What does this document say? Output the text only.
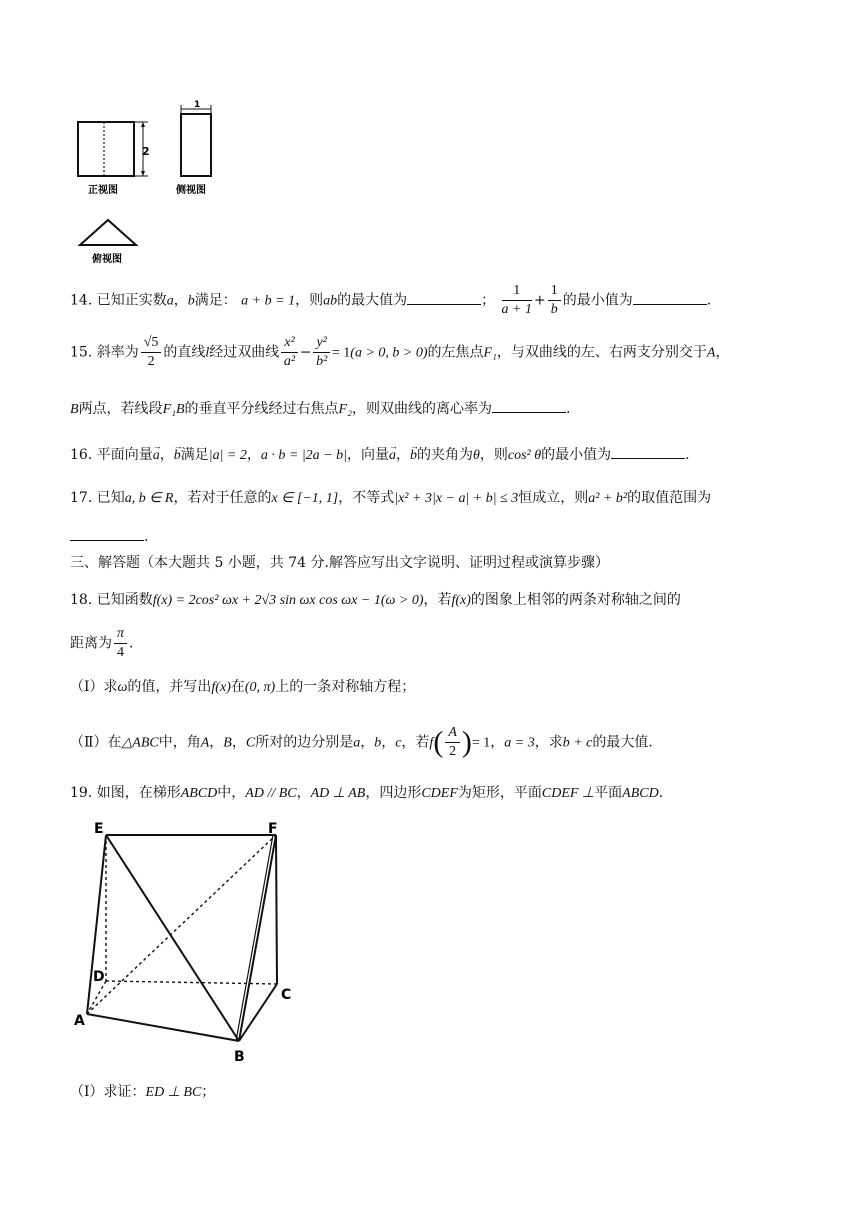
2
正视图
1
侧视图
俯视图
14. 已知正实数a，b满足： a + b = 1，则ab的最大值为	； $\frac{1}{a + 1} + \frac{1}{b}$ 的最小值为	.
15. 斜率为 $\frac{√5}{2}$ 的直线l经过双曲线 $\frac{\text{x²}}{\text{a²}} - \frac{\text{y²}}{\text{b²}} = 1(a > 0$, b > 0)的左焦点F₁，与双曲线的左、右两支分别交于A，
B两点，若线段F₁B的垂直平分线经过右焦点F₂，则双曲线的离心率为	.
16. 平面向量→ a，→ b满足|a| = 2，a · b = |2a − b|，向量→ a，→ b的夹角为θ，则cos² θ的最小值为	.
17. 已知a, b ∈ R，若对于任意的x ∈ [−1, 1]，不等式|x² + 3|x − a| + b| ≤ 3恒成立，则a² + b²的取值范围为
.
三、解答题（本大题共 5 小题，共 74 分.解答应写出文字说明、证明过程或演算步骤）
18. 已知函数f(x) = 2cos² ωx + 2√3 sin ωx cos ωx − 1(ω > 0)，若f(x)的图象上相邻的两条对称轴之间的
距离为 $\frac{\pi}{4}$ .
（Ⅰ）求ω的值，并写出f(x)在(0, π)上的一条对称轴方程；
（Ⅱ）在△ABC中，角A，B，C所对的边分别是a，b，c，若$f( \frac{A}{2}$ )= 1，a = 3，求b + c的最大值.
19. 如图，在梯形ABCD中，AD // BC，AD ⊥ AB，四边形CDEF为矩形，平面CDEF ⊥平面ABCD.
E	F
D
C
A
B
（Ⅰ）求证：ED ⊥ BC；
